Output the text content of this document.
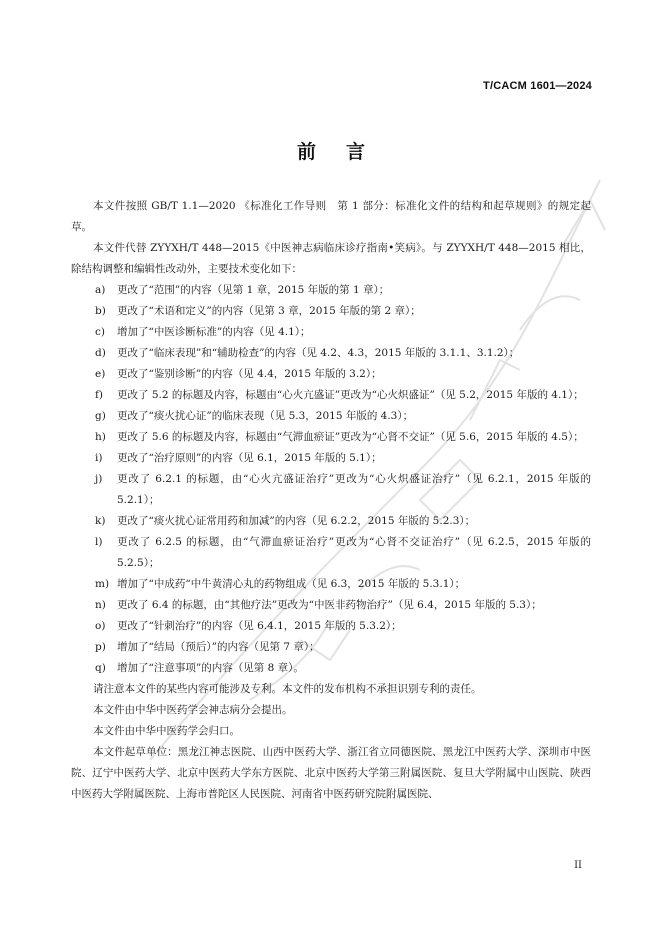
T/CACM 1601—2024
前言

本文件按照 GB/T 1.1—2020 《标准化工作导则　第 1 部分：标准化文件的结构和起草规则》的规定起草。

本文件代替 ZYYXH/T 448—2015《中医神志病临床诊疗指南•笑病》。与 ZYYXH/T 448—2015 相比，除结构调整和编辑性改动外，主要技术变化如下：

a)	更改了“范围”的内容（见第 1 章，2015 年版的第 1 章）；
b)	更改了“术语和定义”的内容（见第 3 章，2015 年版的第 2 章）；
c)	增加了“中医诊断标准”的内容（见 4.1）；
d)	更改了“临床表现”和“辅助检查”的内容（见 4.2、4.3，2015 年版的 3.1.1、3.1.2）；
e)	更改了“鉴别诊断”的内容（见 4.4，2015 年版的 3.2）；
f)	更改了 5.2 的标题及内容，标题由“心火亢盛证”更改为“心火炽盛证”（见 5.2，2015 年版的 4.1）；
g)	更改了“痰火扰心证”的临床表现（见 5.3，2015 年版的 4.3）；
h)	更改了 5.6 的标题及内容，标题由“气滞血瘀证”更改为“心肾不交证”（见 5.6，2015 年版的 4.5）；
i)	更改了“治疗原则”的内容（见 6.1，2015 年版的 5.1）；
j)	更改了 6.2.1 的标题，由“心火亢盛证治疗”更改为“心火炽盛证治疗”（见 6.2.1，2015 年版的 5.2.1）；
k)	更改了“痰火扰心证常用药和加减”的内容（见 6.2.2，2015 年版的 5.2.3）；
l)	更改了 6.2.5 的标题，由“气滞血瘀证治疗”更改为“心肾不交证治疗”（见 6.2.5，2015 年版的 5.2.5）；
m) 增加了“中成药“中牛黄清心丸的药物组成（见 6.3，2015 年版的 5.3.1）；
n)	更改了 6.4 的标题，由“其他疗法”更改为“中医非药物治疗”（见 6.4，2015 年版的 5.3）；
o)	更改了“针刺治疗”的内容（见 6.4.1，2015 年版的 5.3.2）；
p)	增加了“结局（预后）”的内容（见第 7 章）；
q)	增加了“注意事项”的内容（见第 8 章）。

请注意本文件的某些内容可能涉及专利。本文件的发布机构不承担识别专利的责任。

本文件由中华中医药学会神志病分会提出。

本文件由中华中医药学会归口。

本文件起草单位：黑龙江神志医院、山西中医药大学、浙江省立同德医院、黑龙江中医药大学、深圳市中医院、辽宁中医药大学、北京中医药大学东方医院、北京中医药大学第三附属医院、复旦大学附属中山医院、陕西中医药大学附属医院、上海市普陀区人民医院、河南省中医药研究院附属医院、

II
